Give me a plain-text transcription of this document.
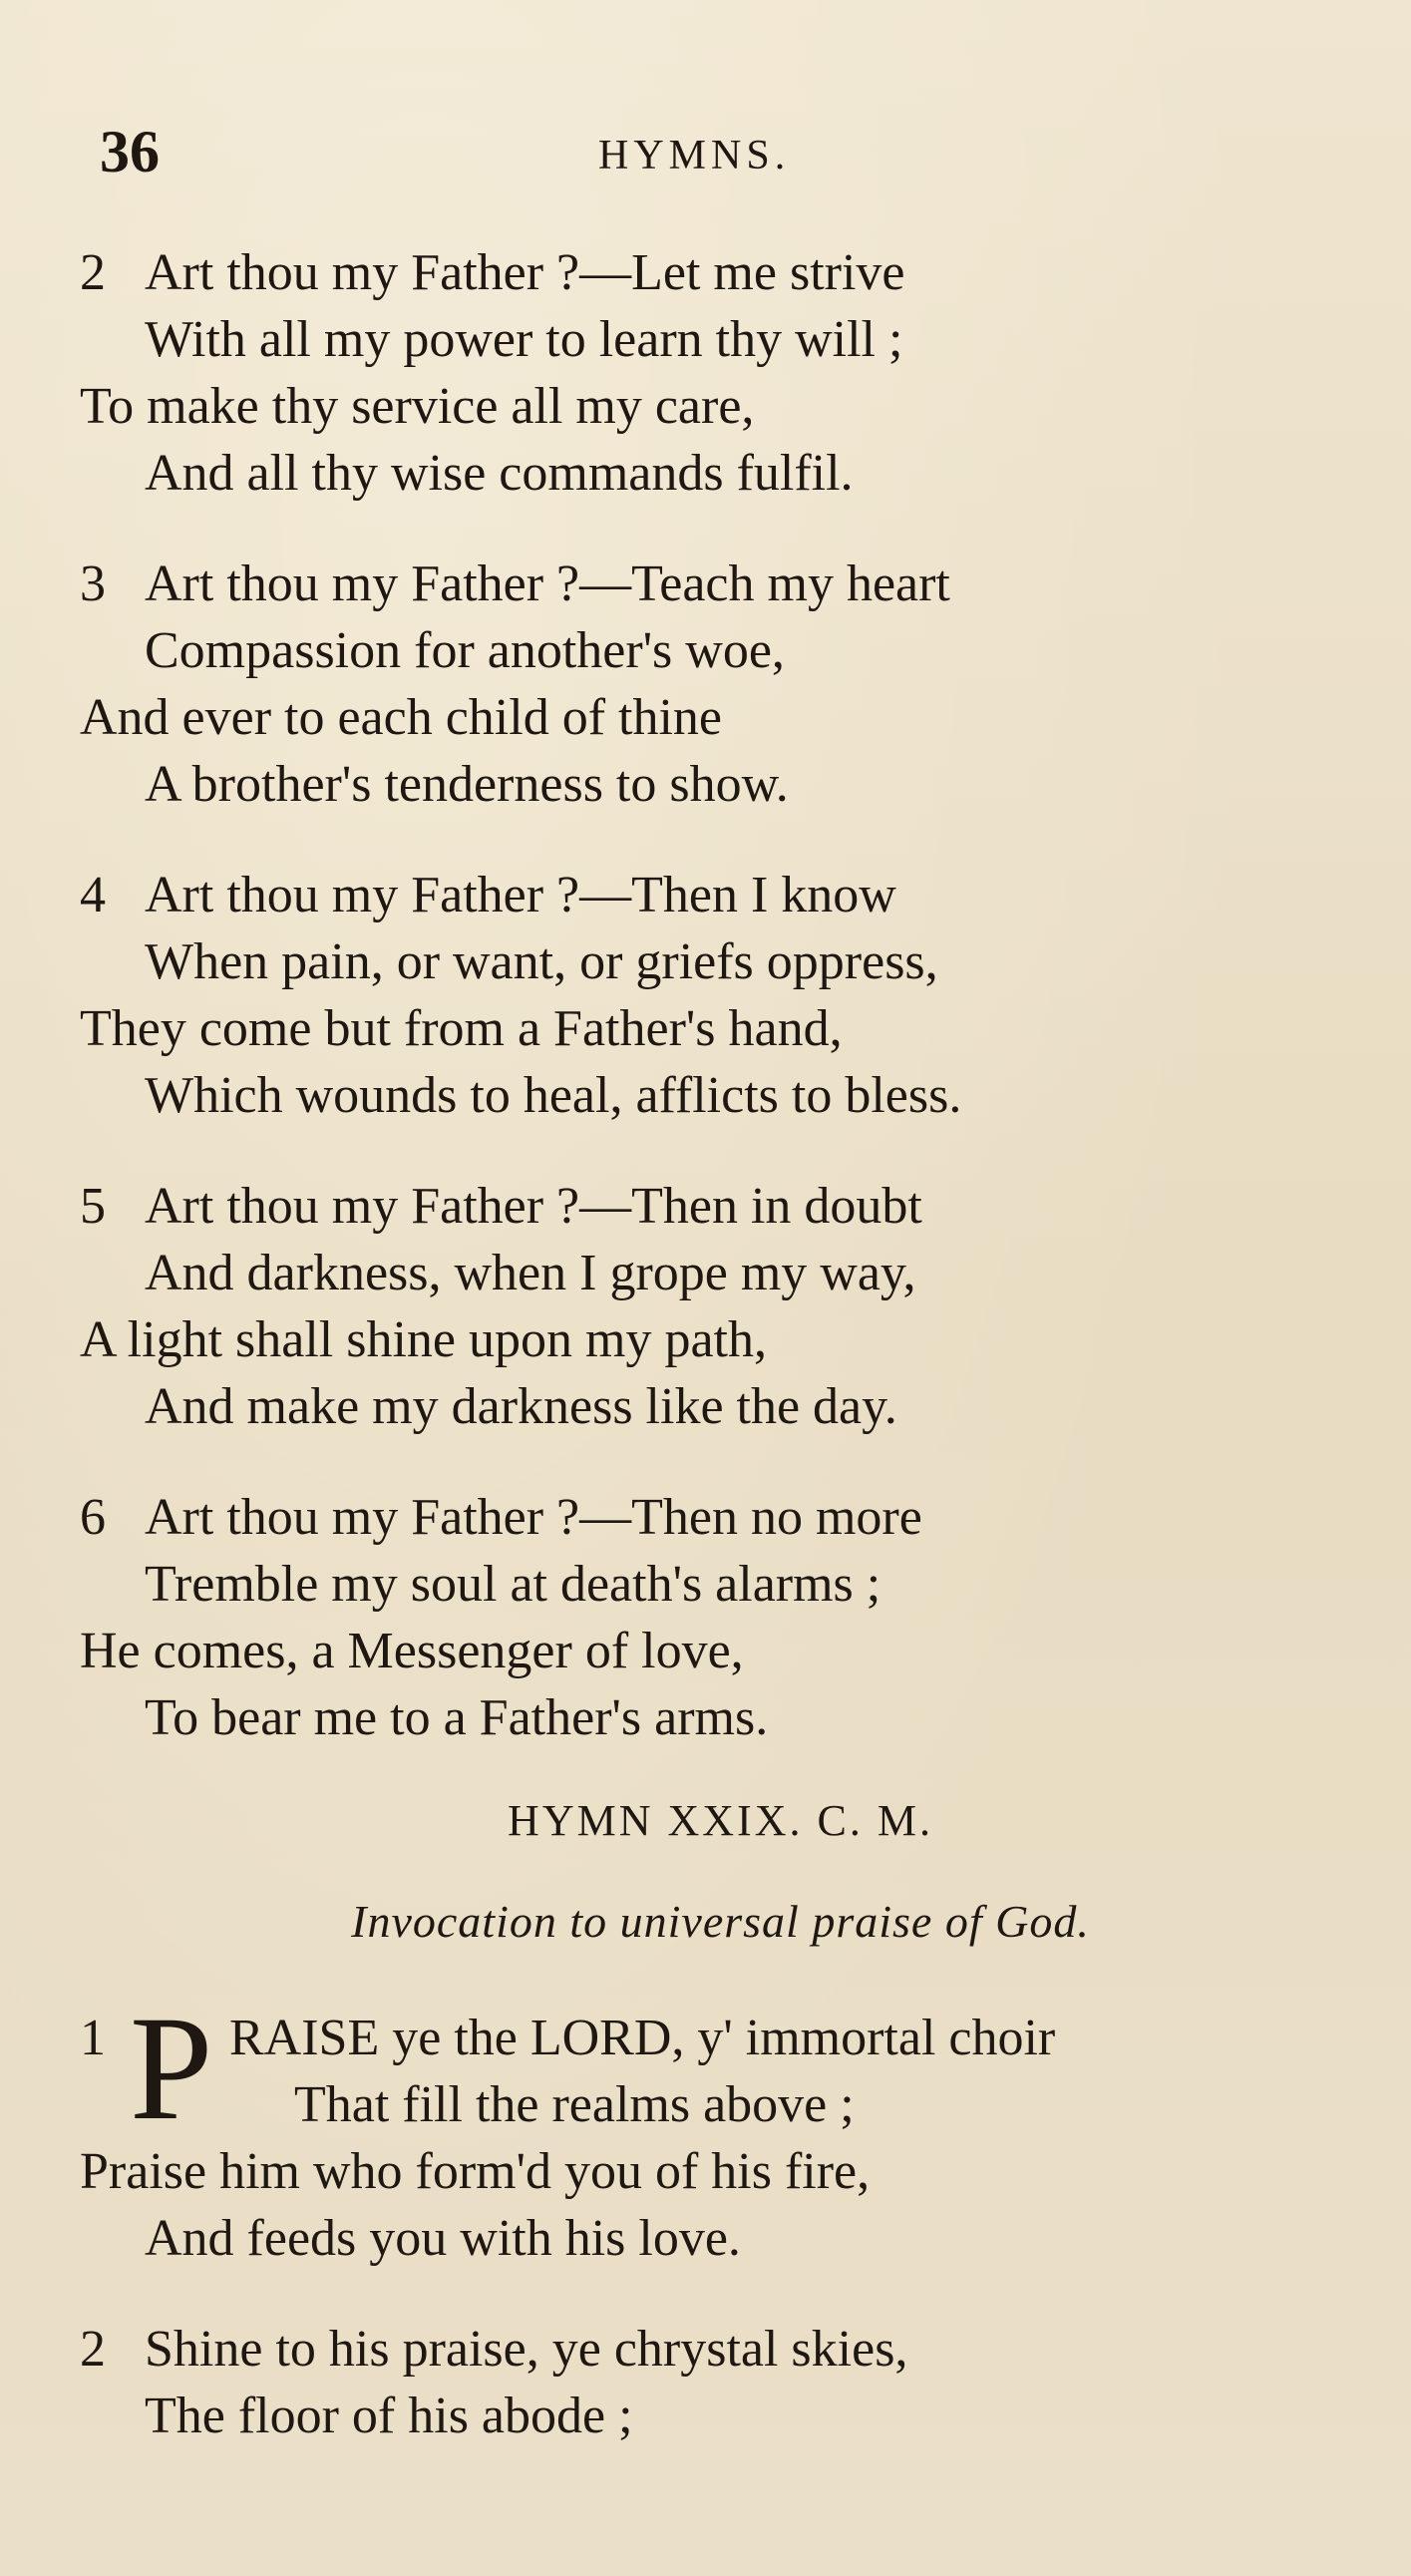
36	HYMNS.
2 Art thou my Father ?—Let me strive
With all my power to learn thy will ;
To make thy service all my care,
And all thy wise commands fulfil.
3 Art thou my Father ?—Teach my heart
Compassion for another's woe,
And ever to each child of thine
A brother's tenderness to show.
4 Art thou my Father ?—Then I know
When pain, or want, or griefs oppress,
They come but from a Father's hand,
Which wounds to heal, afflicts to bless.
5 Art thou my Father ?—Then in doubt
And darkness, when I grope my way,
A light shall shine upon my path,
And make my darkness like the day.
6 Art thou my Father ?—Then no more
Tremble my soul at death's alarms ;
He comes, a Messenger of love,
To bear me to a Father's arms.
HYMN XXIX. C. M.
Invocation to universal praise of God.
1 P RAISE ye the LORD, y' immortal choir
That fill the realms above ;
Praise him who form'd you of his fire,
And feeds you with his love.
2 Shine to his praise, ye chrystal skies,
The floor of his abode ;
